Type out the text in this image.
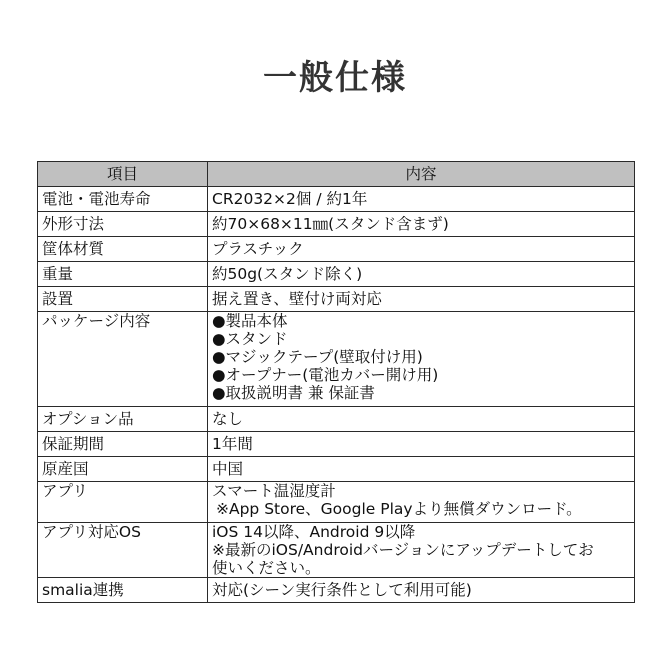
一般仕様
項目	内容
電池・電池寿命	CR2032×2個 / 約1年
外形寸法	約70×68×11㎜(スタンド含まず)
筐体材質	プラスチック
重量	約50g(スタンド除く)
設置	据え置き、壁付け両対応
パッケージ内容	●製品本体
●スタンド
●マジックテープ(壁取付け用)
●オープナー(電池カバー開け用)
●取扱説明書 兼 保証書

オプション品	なし
保証期間	1年間
原産国	中国
アプリ	スマート温湿度計
※App Store、Google Playより無償ダウンロード。

アプリ対応OS	iOS 14以降、Android 9以降
※最新のiOS/Androidバージョンにアップデートしてお
使いください。

smalia連携	対応(シーン実行条件として利用可能)
